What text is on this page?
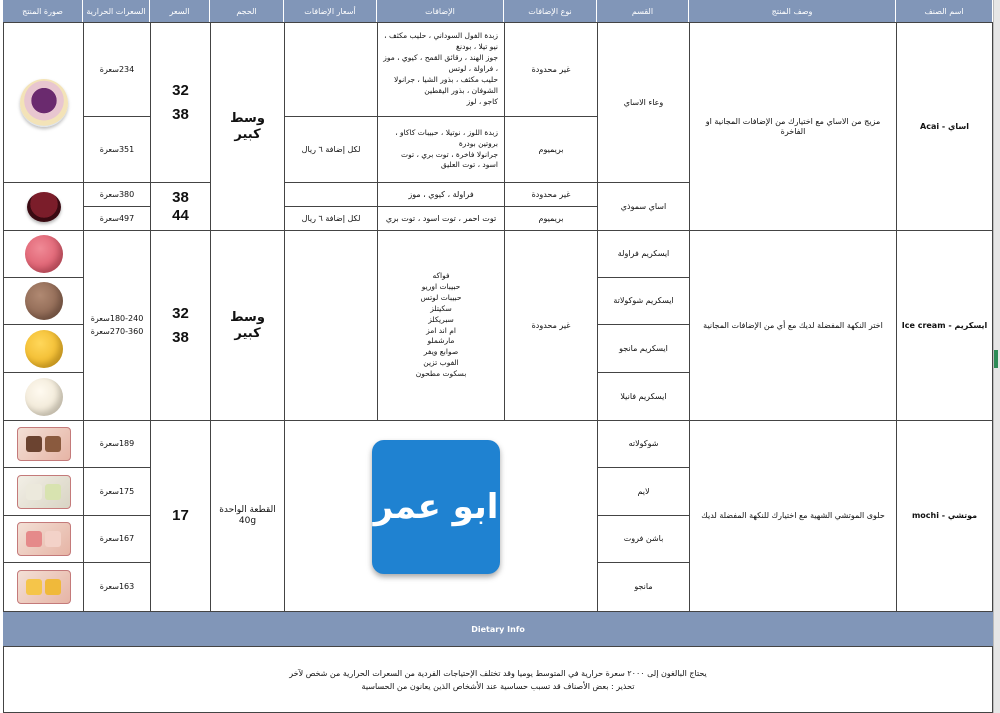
اسم الصنف
وصف المنتج
القسم
نوع الإضافات
الإضافات
أسعار الإضافات
الحجم
السعر
السعرات الحرارية
صورة المنتج
اساي - Acai
مزيج من الاساي مع اختيارك من الإضافات المجانية او الفاخرة
وعاء الاساي
اساي سموذي
غير محدودة
بريميوم
غير محدودة
بريميوم
زبدة الفول السوداني ، حليب مكثف ،
نيو تيلا ، بودنغ
جوز الهند ، رقائق القمح ، كيوي ، موز
، فراولة ، لوتس
حليب مكثف ، بذور الشيا ، جرانولا
الشوفان ، بذور اليقطين
كاجو ، لوز
زبدة اللوز ، نوتيلا ، حبيبات كاكاو ،
بروتين بودرة
جرانولا فاخرة ، توت بري ، توت
اسود ، توت العليق
فراولة ، كيوي ، موز
توت احمر ، توت اسود ، توت بري
لكل إضافة ٦ ريال
لكل إضافة ٦ ريال
وسط
كبير
32
38
38
44
234سعرة
351سعرة
380سعرة
497سعرة
ايسكريم - Ice cream
اختر النكهة المفضلة لديك مع أي من الإضافات المجانية
ايسكريم فراولة
ايسكريم شوكولاتة
ايسكريم مانجو
ايسكريم فانيلا
غير محدودة
فواكه
حبيبات اوريو
حبيبات لوتس
سكيتلز
سبريكلز
ام اند امز
مارشملو
صوابع ويفر
الفوب تزين
بسكوت مطحون
وسط
كبير
32
38
180-240سعرة
270-360سعرة
موتشي - mochi
حلوى الموتشي الشهية مع اختيارك للنكهة المفضلة لديك
شوكولاته
لايم
باشن فروت
مانجو
القطعة الواحدة
40g
17
189سعرة
175سعرة
167سعرة
163سعرة
ابو عمر
Dietary Info
يحتاج البالغون إلى ٢٠٠٠ سعرة حرارية في المتوسط يوميا وقد تختلف الإحتياجات الفردية من السعرات الحرارية من شخص لآخر
تحذير : بعض الأصناف قد تسبب حساسية عند الأشخاص الذين يعانون من الحساسية
